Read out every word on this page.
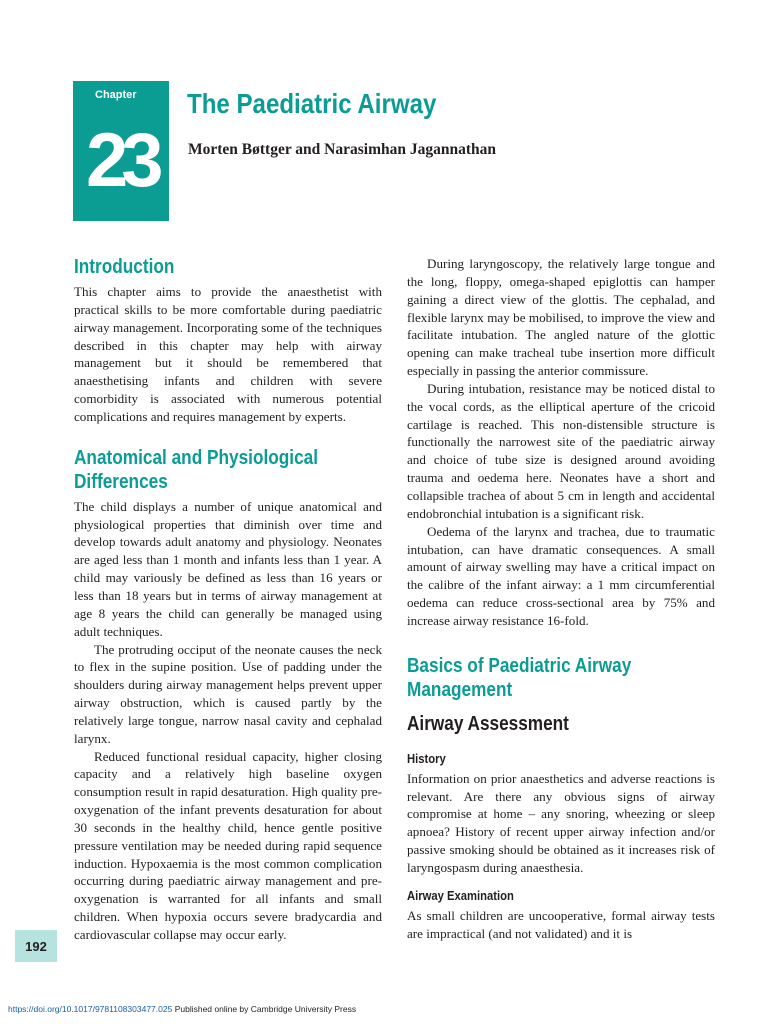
Chapter
23
The Paediatric Airway
Morten Bøttger and Narasimhan Jagannathan
Introduction

This chapter aims to provide the anaesthetist with practical skills to be more comfortable during paediatric airway management. Incorporating some of the techniques described in this chapter may help with airway management but it should be remembered that anaesthetising infants and children with severe comorbidity is associated with numerous potential complications and requires management by experts.

Anatomical and Physiological
Differences

The child displays a number of unique anatomical and physiological properties that diminish over time and develop towards adult anatomy and physiology. Neonates are aged less than 1 month and infants less than 1 year. A child may variously be defined as less than 16 years or less than 18 years but in terms of airway management at age 8 years the child can generally be managed using adult techniques.

The protruding occiput of the neonate causes the neck to flex in the supine position. Use of padding under the shoulders during airway management helps prevent upper airway obstruction, which is caused partly by the relatively large tongue, narrow nasal cavity and cephalad larynx.

Reduced functional residual capacity, higher closing capacity and a relatively high baseline oxygen consumption result in rapid desaturation. High quality pre-oxygenation of the infant prevents desaturation for about 30 seconds in the healthy child, hence gentle positive pressure ventilation may be needed during rapid sequence induction. Hypoxaemia is the most common complication occurring during paediatric airway management and pre-oxygenation is warranted for all infants and small children. When hypoxia occurs severe bradycardia and cardiovascular collapse may occur early.

During laryngoscopy, the relatively large tongue and the long, floppy, omega-shaped epiglottis can hamper gaining a direct view of the glottis. The cephalad, and flexible larynx may be mobilised, to improve the view and facilitate intubation. The angled nature of the glottic opening can make tracheal tube insertion more difficult especially in passing the anterior commissure.

During intubation, resistance may be noticed distal to the vocal cords, as the elliptical aperture of the cricoid cartilage is reached. This non-distensible structure is functionally the narrowest site of the paediatric airway and choice of tube size is designed around avoiding trauma and oedema here. Neonates have a short and collapsible trachea of about 5 cm in length and accidental endobronchial intubation is a significant risk.

Oedema of the larynx and trachea, due to traumatic intubation, can have dramatic consequences. A small amount of airway swelling may have a critical impact on the calibre of the infant airway: a 1 mm circumferential oedema can reduce cross-sectional area by 75% and increase airway resistance 16-fold.

Basics of Paediatric Airway
Management
Airway Assessment
History

Information on prior anaesthetics and adverse reactions is relevant. Are there any obvious signs of airway compromise at home – any snoring, wheezing or sleep apnoea? History of recent upper airway infection and/or passive smoking should be obtained as it increases risk of laryngospasm during anaesthesia.

Airway Examination

As small children are uncooperative, formal airway tests are impractical (and not validated) and it is

192
https://doi.org/10.1017/9781108303477.025 Published online by Cambridge University Press
